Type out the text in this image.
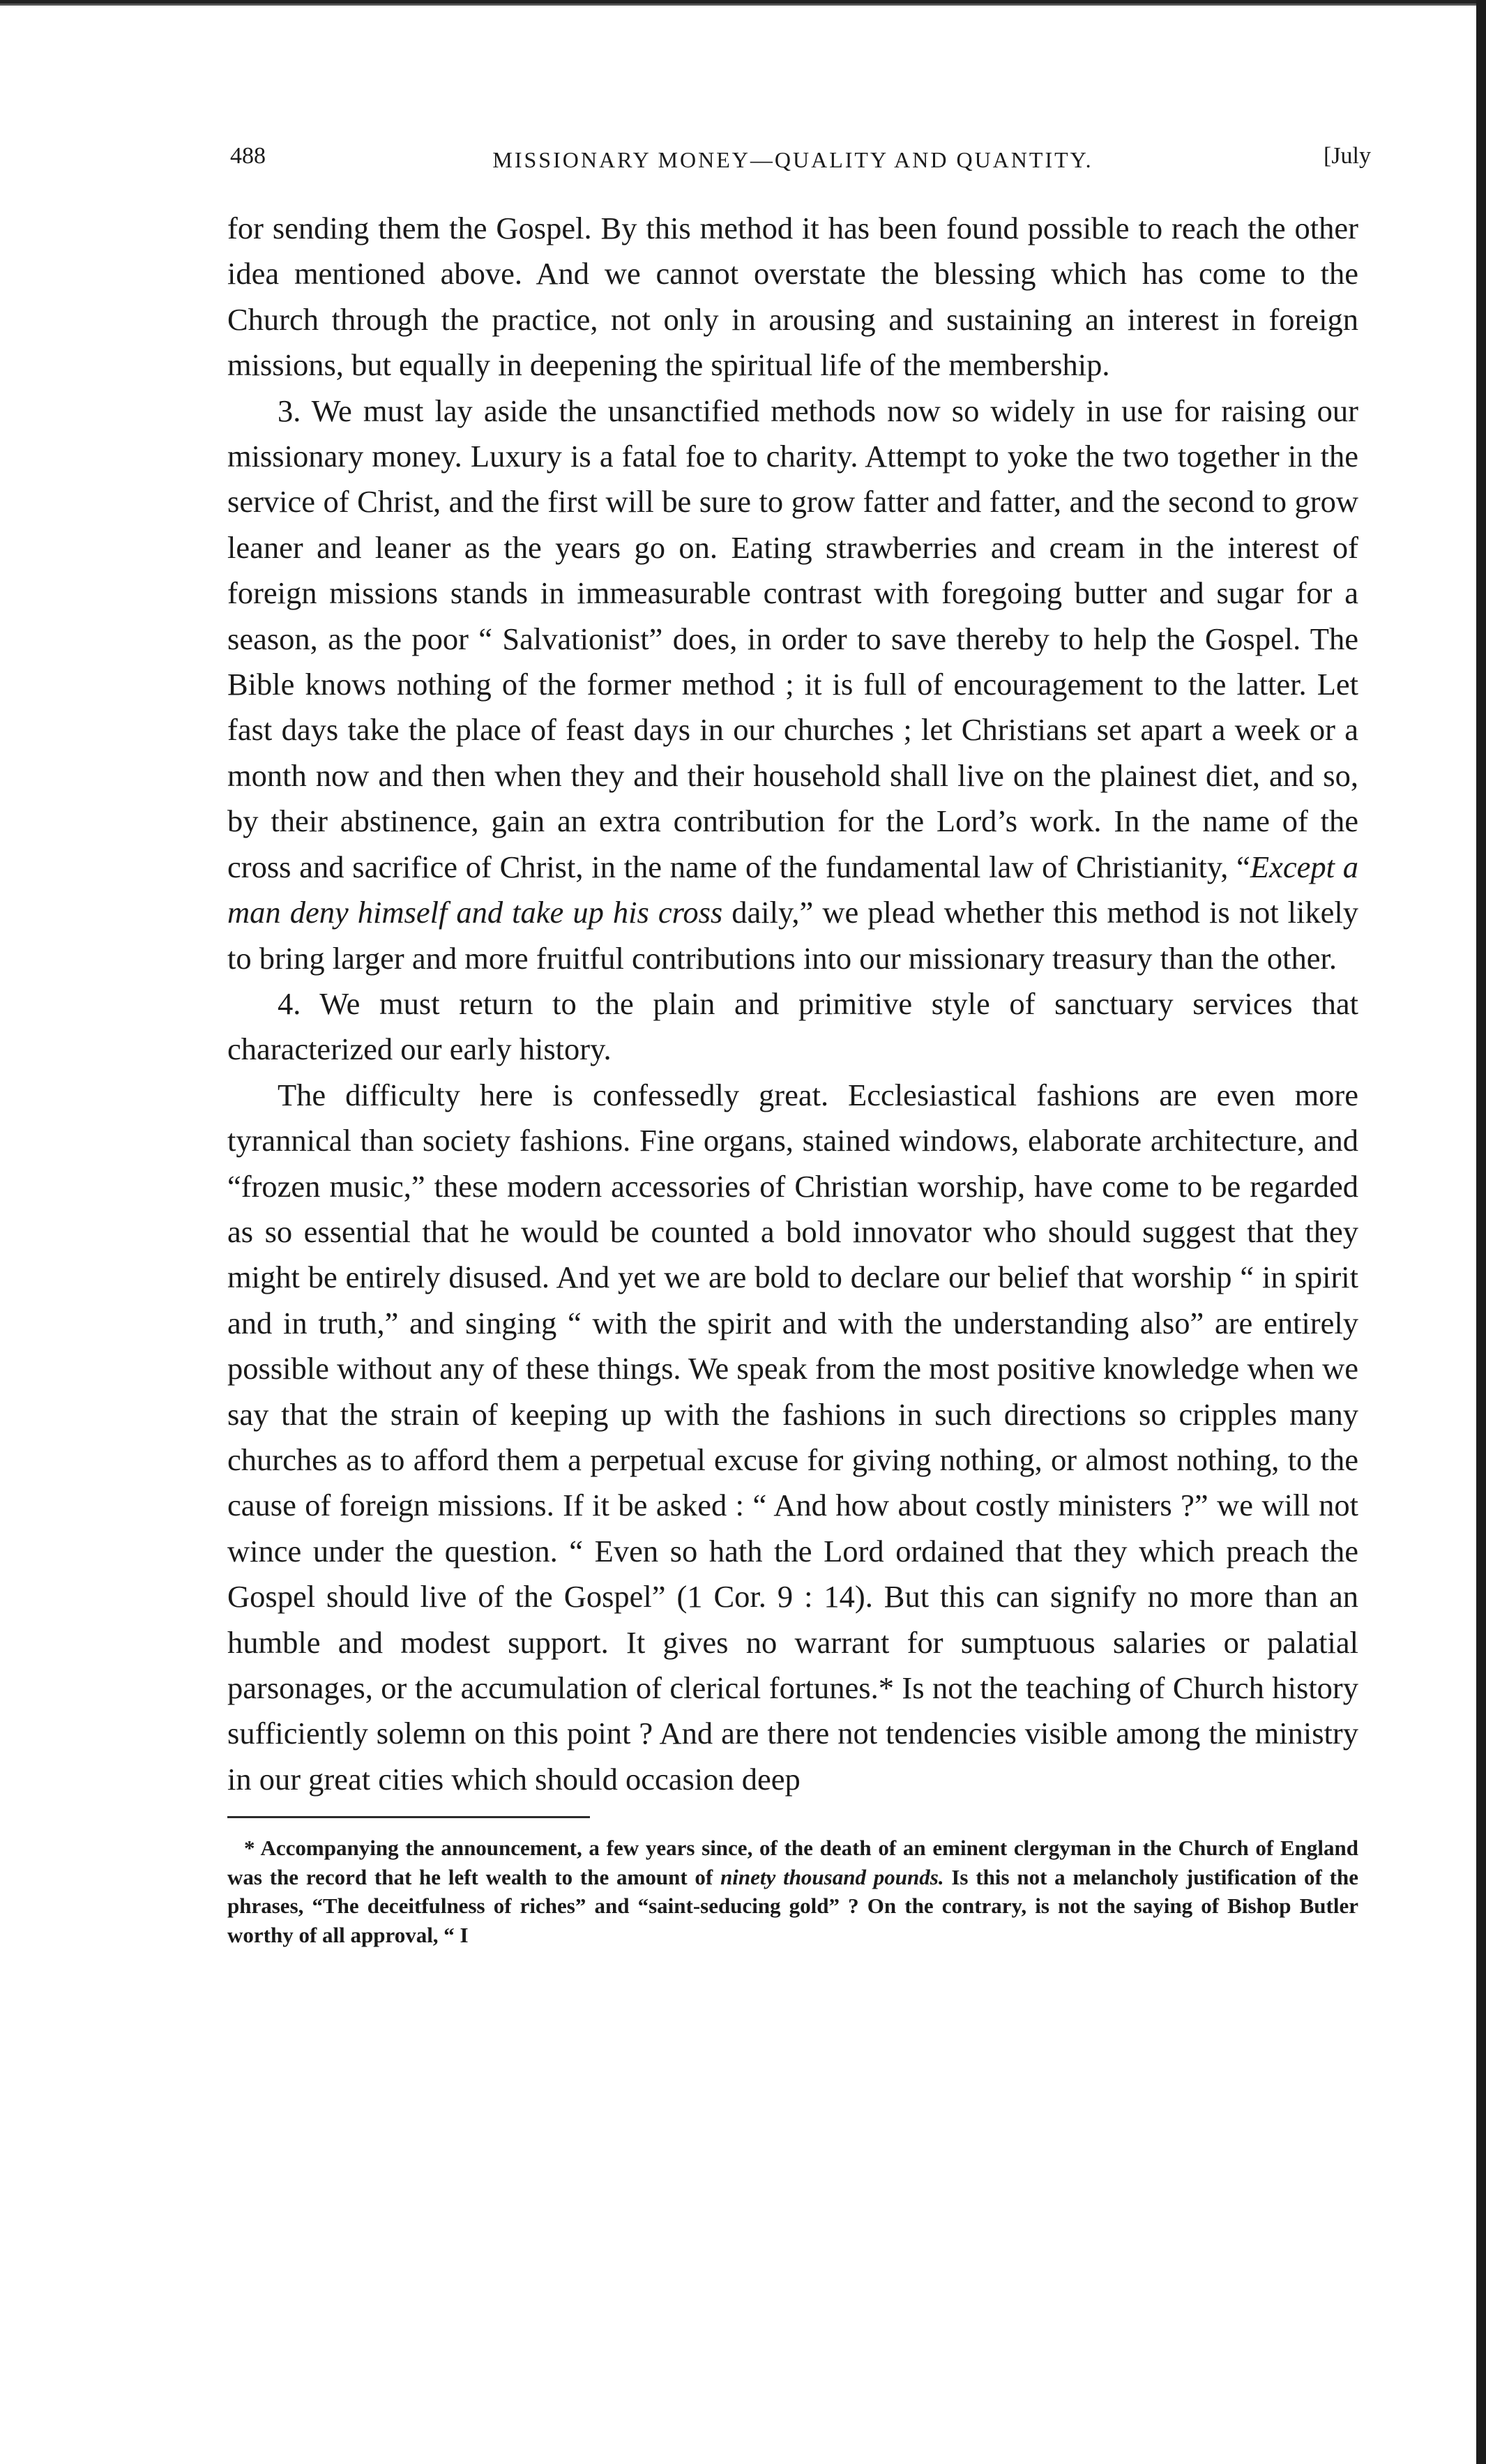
488	MISSIONARY MONEY—QUALITY AND QUANTITY.	[July

for sending them the Gospel. By this method it has been found possible to reach the other idea mentioned above. And we cannot overstate the blessing which has come to the Church through the practice, not only in arousing and sustaining an interest in foreign missions, but equally in deepening the spiritual life of the membership.

3. We must lay aside the unsanctified methods now so widely in use for raising our missionary money. Luxury is a fatal foe to charity. Attempt to yoke the two together in the service of Christ, and the first will be sure to grow fatter and fatter, and the second to grow leaner and leaner as the years go on. Eating strawberries and cream in the interest of foreign missions stands in immeasurable contrast with foregoing butter and sugar for a season, as the poor “ Salvationist” does, in order to save thereby to help the Gospel. The Bible knows nothing of the former method ; it is full of encouragement to the latter. Let fast days take the place of feast days in our churches ; let Christians set apart a week or a month now and then when they and their household shall live on the plainest diet, and so, by their abstinence, gain an extra contribution for the Lord’s work. In the name of the cross and sacrifice of Christ, in the name of the fundamental law of Christianity, “Except a man deny himself and take up his cross daily,” we plead whether this method is not likely to bring larger and more fruitful contributions into our missionary treasury than the other.

4. We must return to the plain and primitive style of sanctuary services that characterized our early history.

The difficulty here is confessedly great. Ecclesiastical fashions are even more tyrannical than society fashions. Fine organs, stained windows, elaborate architecture, and “frozen music,” these modern accessories of Christian worship, have come to be regarded as so essential that he would be counted a bold innovator who should suggest that they might be entirely disused. And yet we are bold to declare our belief that worship “ in spirit and in truth,” and singing “ with the spirit and with the understanding also” are entirely possible without any of these things. We speak from the most positive knowledge when we say that the strain of keeping up with the fashions in such directions so cripples many churches as to afford them a perpetual excuse for giving nothing, or almost nothing, to the cause of foreign missions. If it be asked : “ And how about costly ministers ?” we will not wince under the question. “ Even so hath the Lord ordained that they which preach the Gospel should live of the Gospel” (1 Cor. 9 : 14). But this can signify no more than an humble and modest support. It gives no warrant for sumptuous salaries or palatial parsonages, or the accumulation of clerical fortunes.* Is not the teaching of Church history sufficiently solemn on this point ? And are there not tendencies visible among the ministry in our great cities which should occasion deep

* Accompanying the announcement, a few years since, of the death of an eminent clergyman in the Church of England was the record that he left wealth to the amount of ninety thousand pounds. Is this not a melancholy justification of the phrases, “The deceitfulness of riches” and “saint-seducing gold” ? On the contrary, is not the saying of Bishop Butler worthy of all approval, “ I
